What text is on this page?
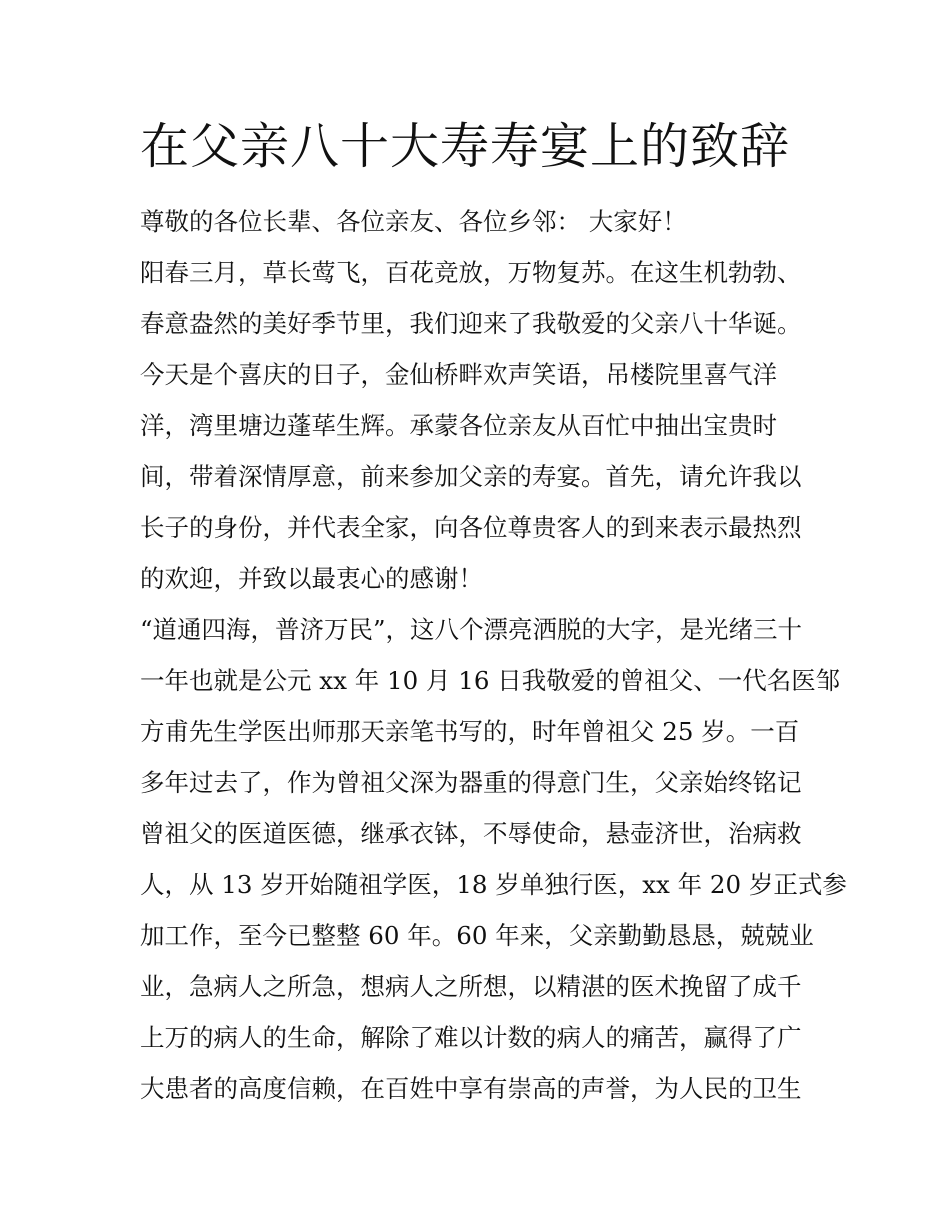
在父亲八十大寿寿宴上的致辞

尊敬的各位长辈、各位亲友、各位乡邻： 大家好！

阳春三月，草长莺飞，百花竞放，万物复苏。在这生机勃勃、

春意盎然的美好季节里，我们迎来了我敬爱的父亲八十华诞。

今天是个喜庆的日子，金仙桥畔欢声笑语，吊楼院里喜气洋

洋，湾里塘边蓬荜生辉。承蒙各位亲友从百忙中抽出宝贵时

间，带着深情厚意，前来参加父亲的寿宴。首先，请允许我以

长子的身份，并代表全家，向各位尊贵客人的到来表示最热烈

的欢迎，并致以最衷心的感谢！

“道通四海，普济万民”，这八个漂亮洒脱的大字，是光绪三十

一年也就是公元 xx 年 10 月 16 日我敬爱的曾祖父、一代名医邹

方甫先生学医出师那天亲笔书写的，时年曾祖父 25 岁。一百

多年过去了，作为曾祖父深为器重的得意门生，父亲始终铭记

曾祖父的医道医德，继承衣钵，不辱使命，悬壶济世，治病救

人，从 13 岁开始随祖学医，18 岁单独行医，xx 年 20 岁正式参

加工作，至今已整整 60 年。60 年来，父亲勤勤恳恳，兢兢业

业，急病人之所急，想病人之所想，以精湛的医术挽留了成千

上万的病人的生命，解除了难以计数的病人的痛苦，赢得了广

大患者的高度信赖，在百姓中享有崇高的声誉，为人民的卫生
